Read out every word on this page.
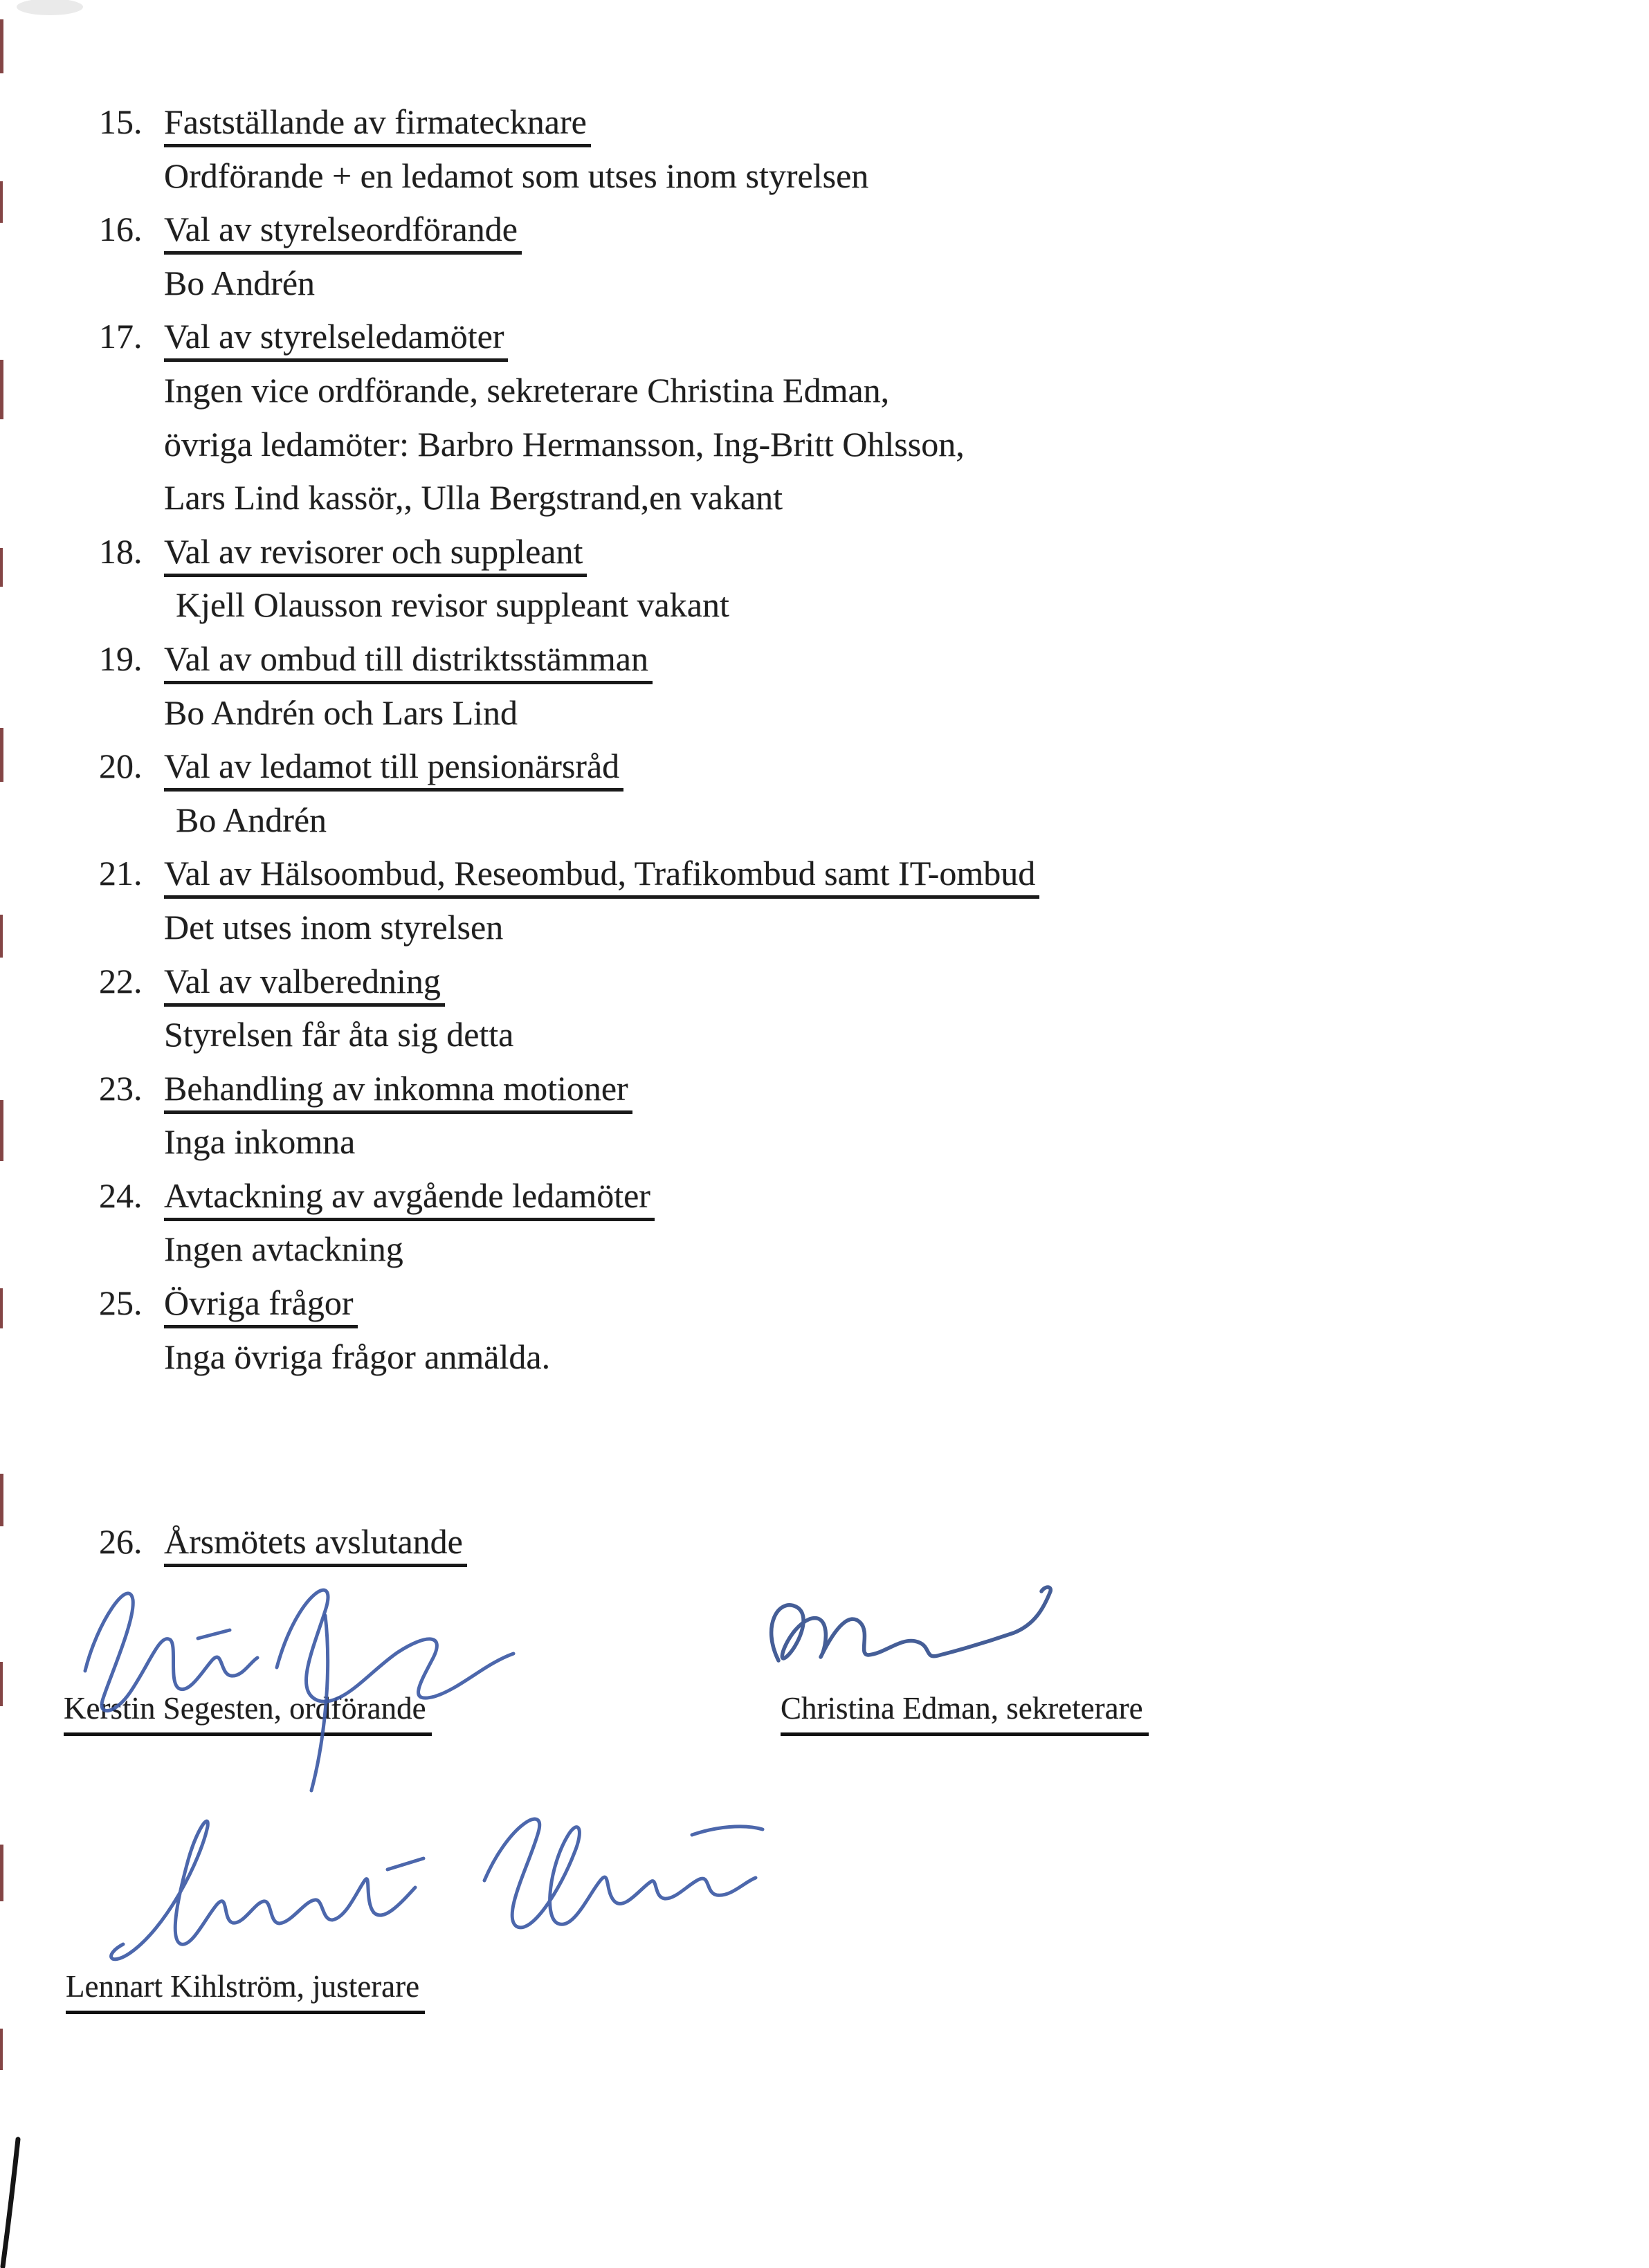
15. Fastställande av firmatecknare
Ordförande + en ledamot som utses inom styrelsen
16. Val av styrelseordförande
Bo Andrén
17. Val av styrelseledamöter
Ingen vice ordförande, sekreterare Christina Edman,
övriga ledamöter: Barbro Hermansson, Ing-Britt Ohlsson,
Lars Lind kassör,, Ulla Bergstrand,en vakant
18. Val av revisorer och suppleant
Kjell Olausson revisor suppleant vakant
19. Val av ombud till distriktsstämman
Bo Andrén och Lars Lind
20. Val av ledamot till pensionärsråd
Bo Andrén
21. Val av Hälsoombud, Reseombud, Trafikombud samt IT-ombud
Det utses inom styrelsen
22. Val av valberedning
Styrelsen får åta sig detta
23. Behandling av inkomna motioner
Inga inkomna
24. Avtackning av avgående ledamöter
Ingen avtackning
25. Övriga frågor
Inga övriga frågor anmälda.
26. Årsmötets avslutande
Kerstin Segesten, ordförande	Christina Edman, sekreterare
Lennart Kihlström, justerare
